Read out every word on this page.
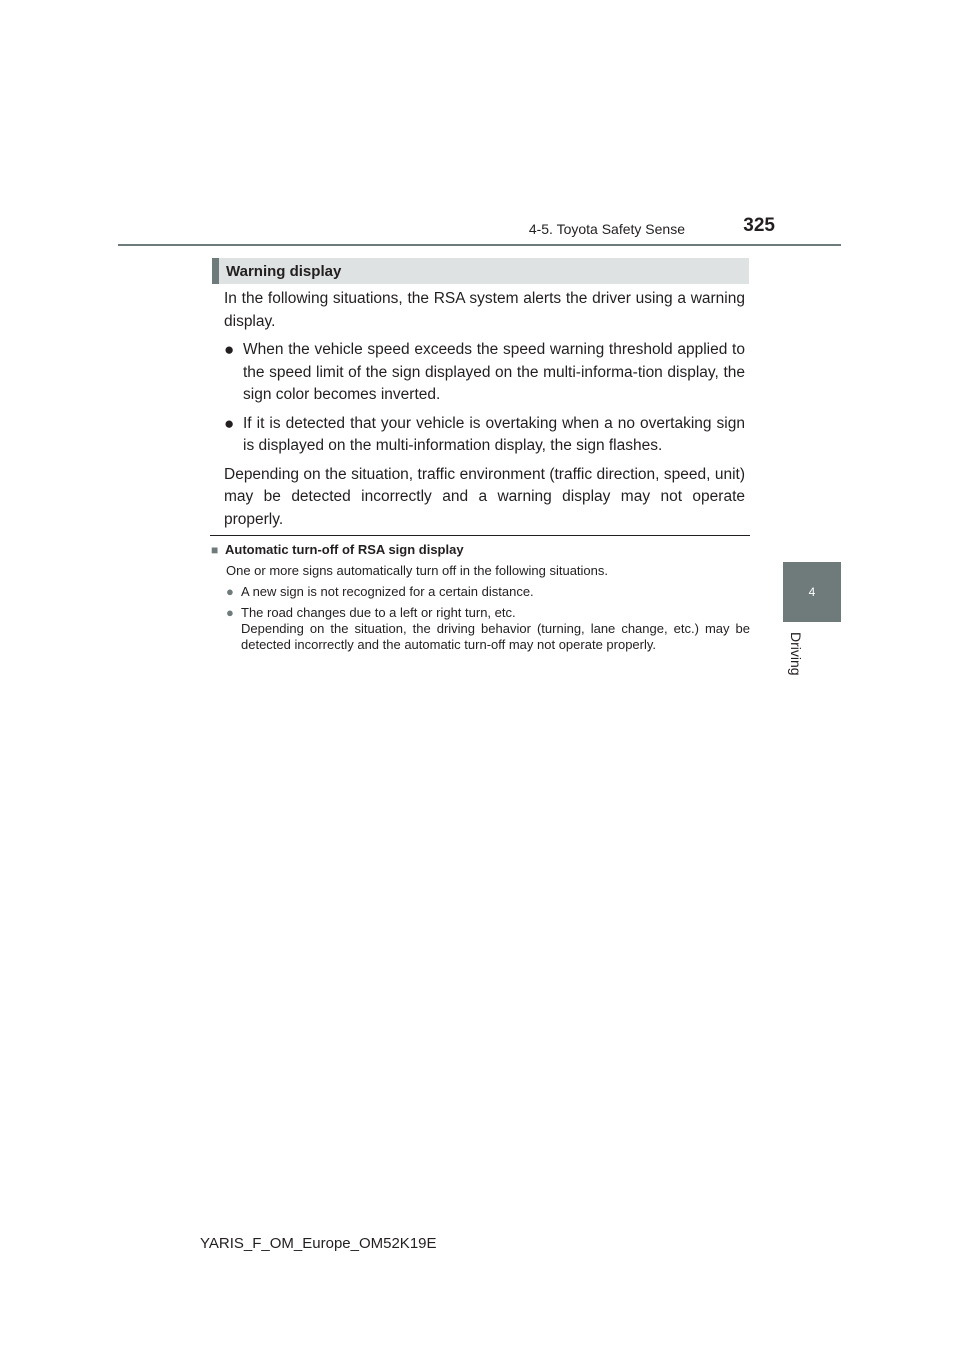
4-5. Toyota Safety Sense	325
4
Driving
Warning display

In the following situations, the RSA system alerts the driver using a warning display.

● When the vehicle speed exceeds the speed warning threshold applied to the speed limit of the sign displayed on the multi-informa-tion display, the sign color becomes inverted.
● If it is detected that your vehicle is overtaking when a no overtaking sign is displayed on the multi-information display, the sign flashes.

Depending on the situation, traffic environment (traffic direction, speed, unit) may be detected incorrectly and a warning display may not operate properly.

■ Automatic turn-off of RSA sign display
One or more signs automatically turn off in the following situations.
● A new sign is not recognized for a certain distance.
● The road changes due to a left or right turn, etc.
Depending on the situation, the driving behavior (turning, lane change, etc.) may be detected incorrectly and the automatic turn-off may not operate properly.
YARIS_F_OM_Europe_OM52K19E
